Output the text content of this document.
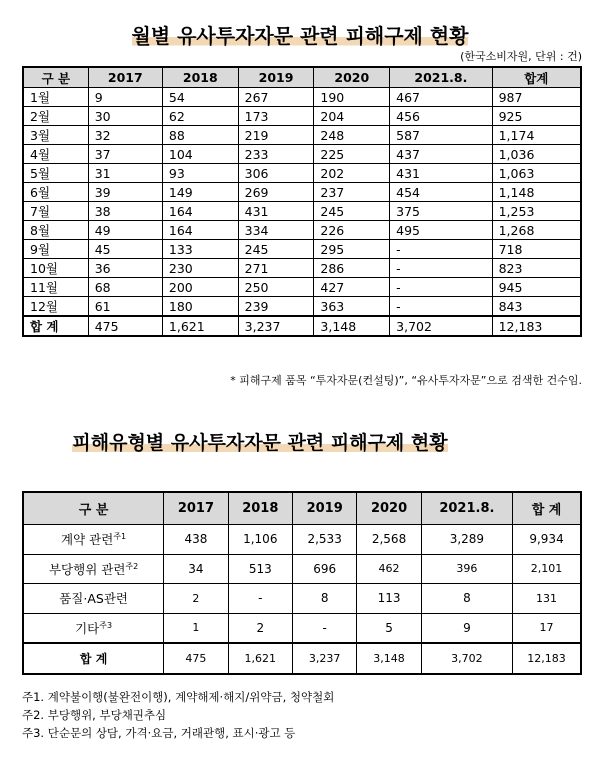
월별 유사투자자문 관련 피해구제 현황
(한국소비자원, 단위 : 건)
구 분	2017	2018	2019	2020	2021.8.	합계
1월	9	54	267	190	467	987
2월	30	62	173	204	456	925
3월	32	88	219	248	587	1,174
4월	37	104	233	225	437	1,036
5월	31	93	306	202	431	1,063
6월	39	149	269	237	454	1,148
7월	38	164	431	245	375	1,253
8월	49	164	334	226	495	1,268
9월	45	133	245	295	-	718
10월	36	230	271	286	-	823
11월	68	200	250	427	-	945
12월	61	180	239	363	-	843
합 계	475	1,621	3,237	3,148	3,702	12,183
* 피해구제 품목 “투자자문(컨설팅)”, “유사투자자문”으로 검색한 건수임.
피해유형별 유사투자자문 관련 피해구제 현황
구 분	2017	2018	2019	2020	2021.8.	합 계
계약 관련$^{주1}$	438	1,106	2,533	2,568	3,289	9,934
부당행위 관련$^{주2}$	34	513	696	462	396	2,101
품질·AS관련	2	-	8	113	8	131
기타$^{주3}$	1	2	-	5	9	17
합 계	475	1,621	3,237	3,148	3,702	12,183
주1. 계약불이행(불완전이행), 계약해제·해지/위약금, 청약철회
주2. 부당행위, 부당채권추심
주3. 단순문의 상담, 가격·요금, 거래관행, 표시·광고 등
